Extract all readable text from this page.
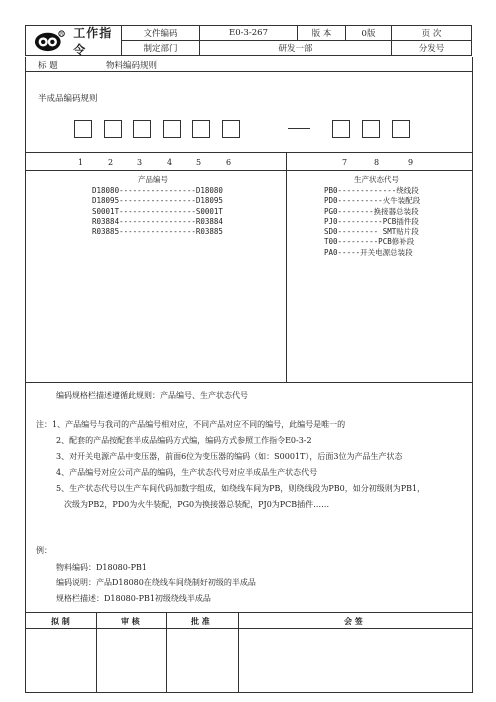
R 工作指令	文件编码	E0-3-267	版 本	0版	页 次
	制定部门	研发一部			分发号
标 题	物料编码规则
半成品编码规则
1	2	3	4	5	6	7	8	9
产品编号
D18080-----------------D18080
D18095-----------------D18095
S0001T-----------------S0001T
R03884-----------------R03884
R03885-----------------R03885
生产状态代号
PB0-------------绕线段
PD0----------火牛装配段
PG0--------换接器总装段
PJ0----------PCB插件段
SD0--------- SMT贴片段
T00---------PCB修补段
PA0-----开关电源总装段
编码规格栏描述遵循此规则：产品编号、生产状态代号
注：1、产品编号与我司的产品编号相对应，不同产品对应不同的编号，此编号是唯一的
2、配套的产品按配套半成品编码方式编，编码方式参照工作指令E0-3-2
3、对开关电源产品中变压器，前面6位为变压器的编码（如：S0001T），后面3位为产品生产状态
4、产品编号对应公司产品的编码，生产状态代号对应半成品生产状态代号
5、生产状态代号以生产车间代码加数字组成，如绕线车间为PB，则绕线段为PB0，如分初级则为PB1，
次级为PB2，PD0为火牛装配，PG0为换接器总装配，PJ0为PCB插件……
例：
物料编码：D18080-PB1
编码说明：产品D18080在绕线车间绕制好初级的半成品
规格栏描述：D18080-PB1初级绕线半成品
拟 制	审 核	批 准	会 签
